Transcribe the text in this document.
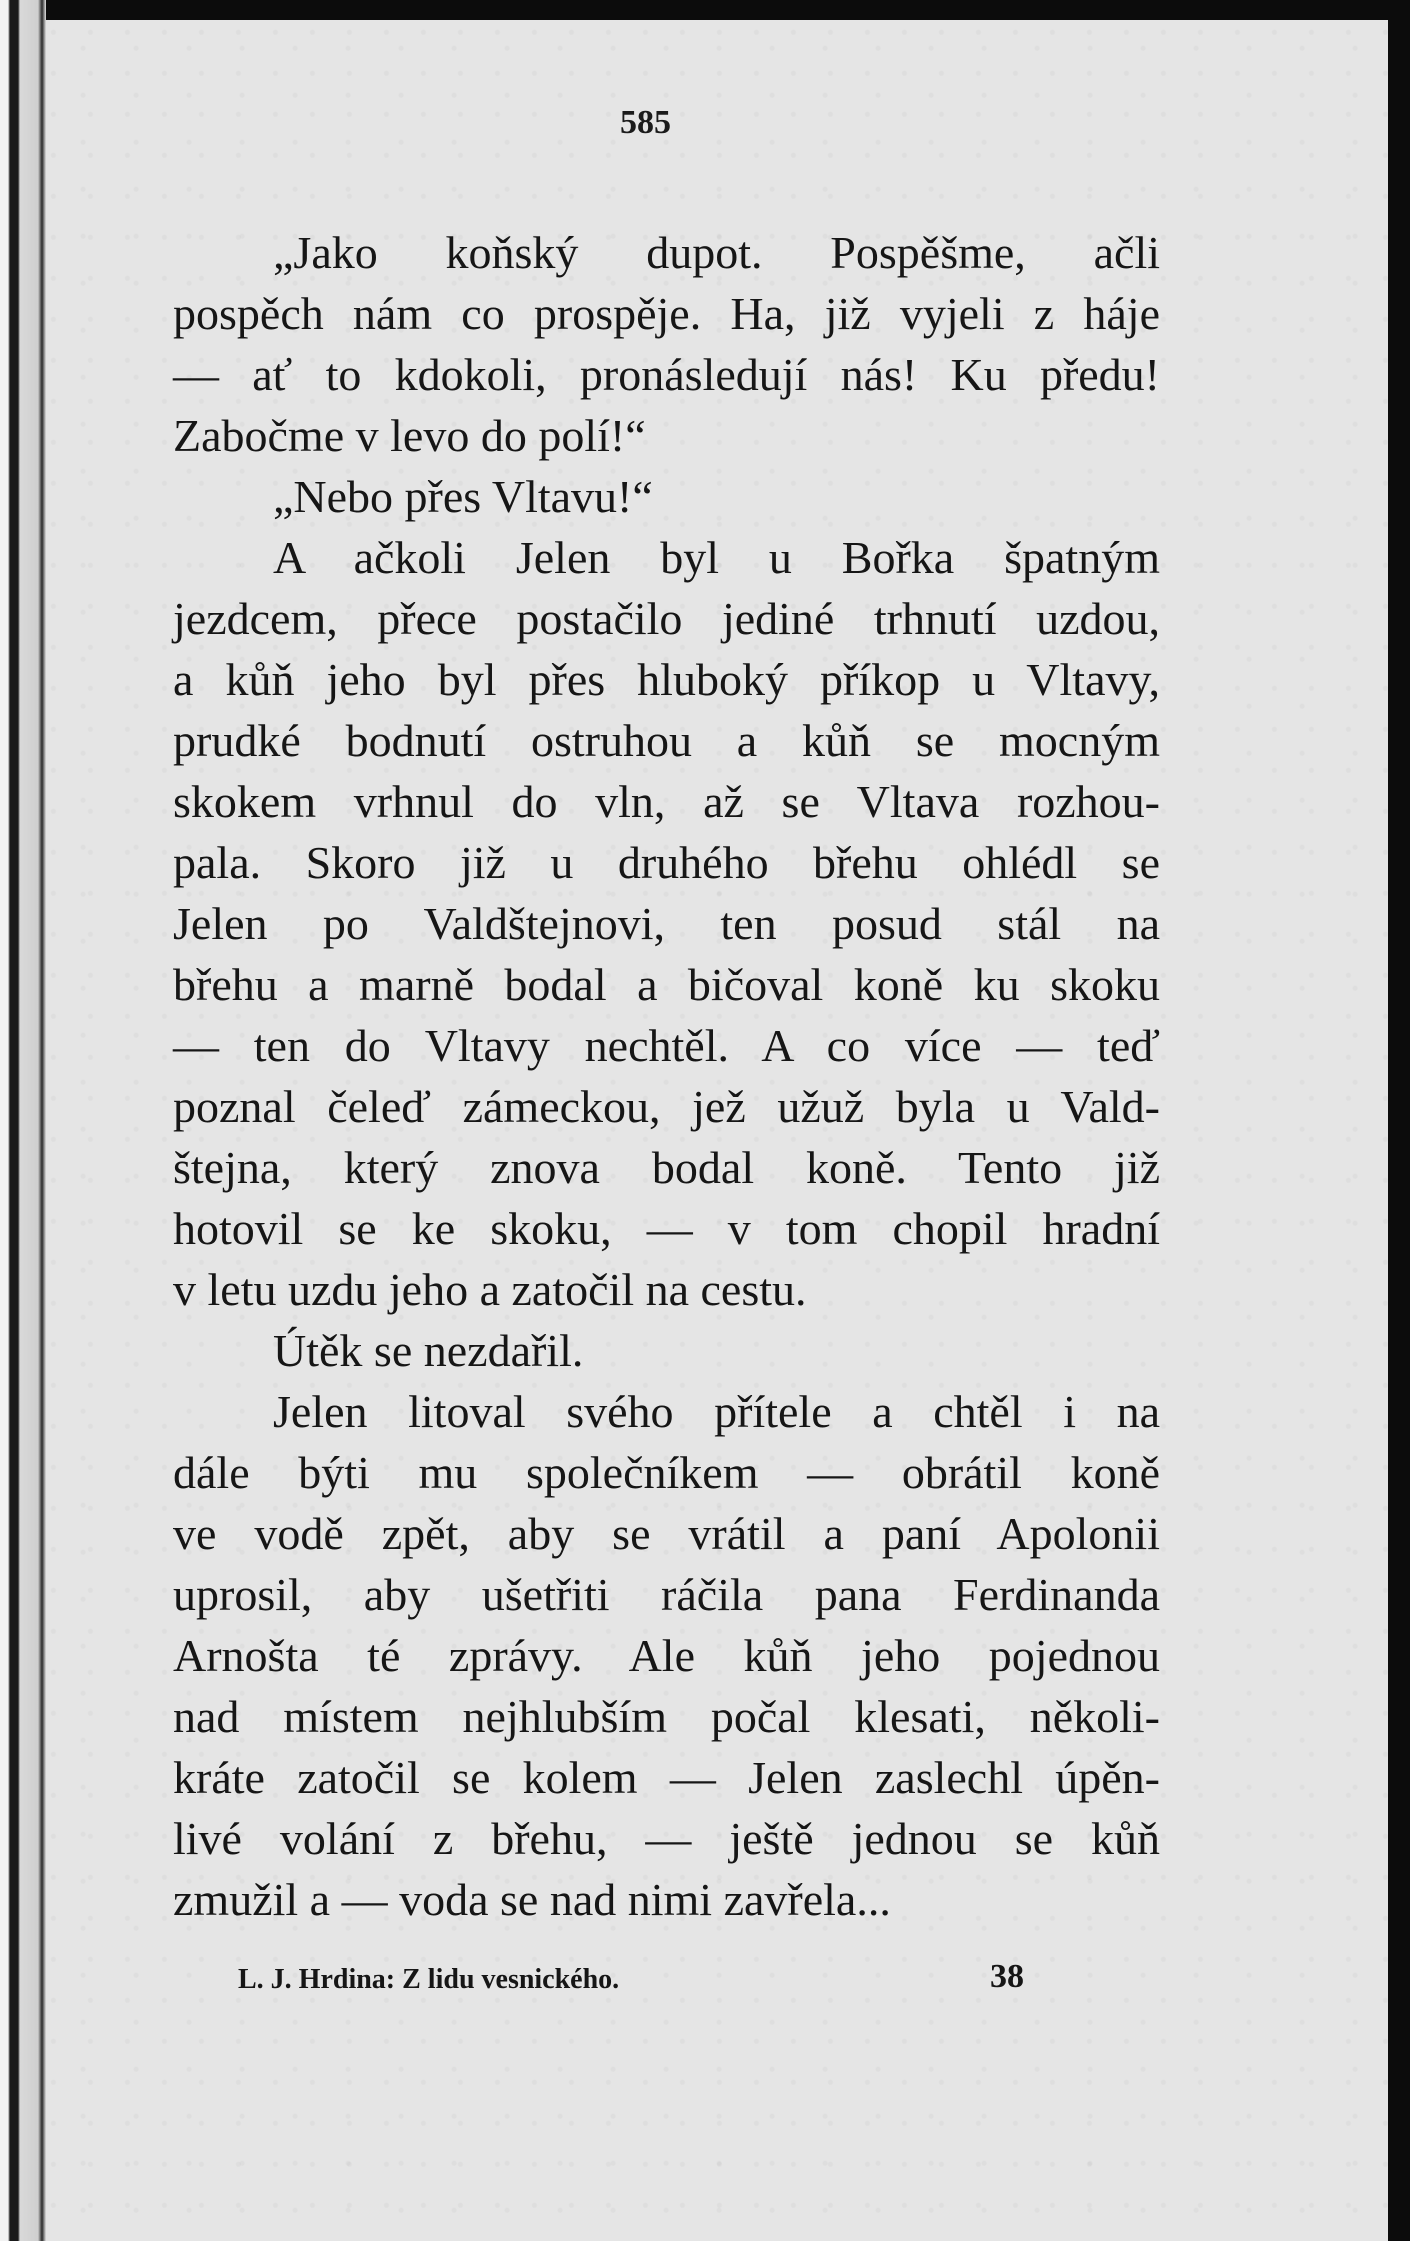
585
„Jako koňský dupot. Pospěšme, ačli
pospěch nám co prospěje. Ha, již vyjeli z háje
— ať to kdokoli, pronásledují nás! Ku předu!
Zabočme v levo do polí!“
„Nebo přes Vltavu!“
A ačkoli Jelen byl u Bořka špatným
jezdcem, přece postačilo jediné trhnutí uzdou,
a kůň jeho byl přes hluboký příkop u Vltavy,
prudké bodnutí ostruhou a kůň se mocným
skokem vrhnul do vln, až se Vltava rozhou-
pala. Skoro již u druhého břehu ohlédl se
Jelen po Valdštejnovi, ten posud stál na
břehu a marně bodal a bičoval koně ku skoku
— ten do Vltavy nechtěl. A co více — teď
poznal čeleď zámeckou, jež užuž byla u Vald-
štejna, který znova bodal koně. Tento již
hotovil se ke skoku, — v tom chopil hradní
v letu uzdu jeho a zatočil na cestu.
Útěk se nezdařil.
Jelen litoval svého přítele a chtěl i na
dále býti mu společníkem — obrátil koně
ve vodě zpět, aby se vrátil a paní Apolonii
uprosil, aby ušetřiti ráčila pana Ferdinanda
Arnošta té zprávy. Ale kůň jeho pojednou
nad místem nejhlubším počal klesati, několi-
kráte zatočil se kolem — Jelen zaslechl úpěn-
livé volání z břehu, — ještě jednou se kůň
zmužil a — voda se nad nimi zavřela...
L. J. Hrdina: Z lidu vesnického.	38
